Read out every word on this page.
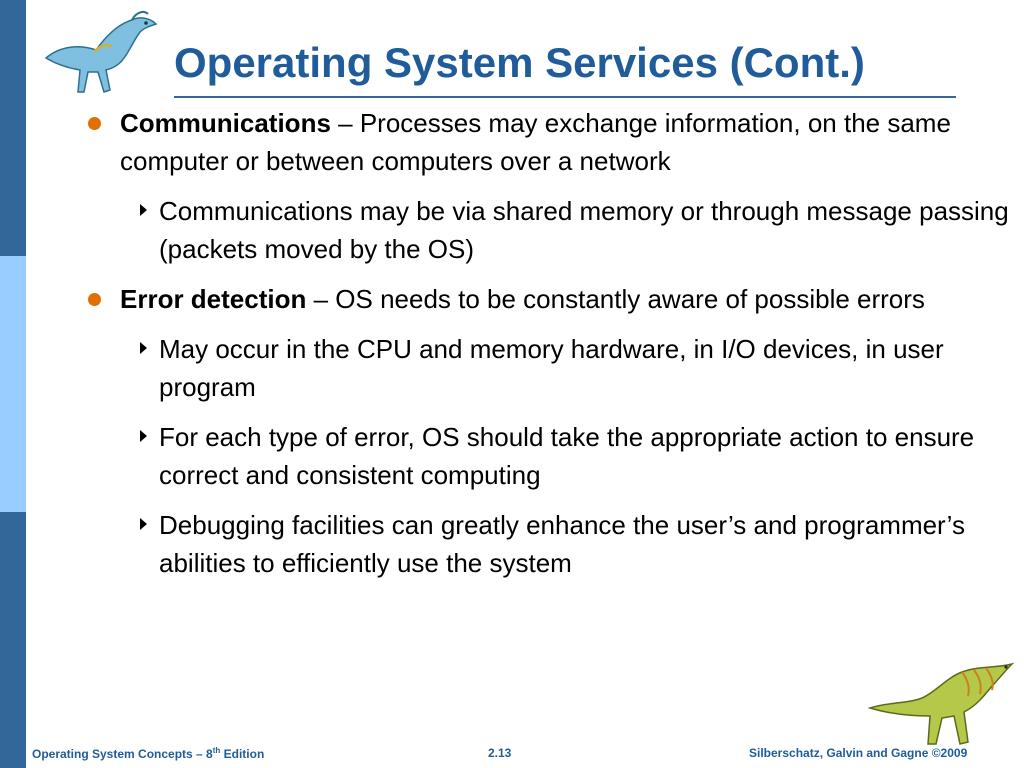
Operating System Services (Cont.)
Communications – Processes may exchange information, on the same computer or between computers over a network
Communications may be via shared memory or through message passing (packets moved by the OS)
Error detection – OS needs to be constantly aware of possible errors
May occur in the CPU and memory hardware, in I/O devices, in user program
For each type of error, OS should take the appropriate action to ensure correct and consistent computing
Debugging facilities can greatly enhance the user’s and programmer’s abilities to efficiently use the system
Operating System Concepts – 8th Edition	2.13	Silberschatz, Galvin and Gagne ©2009
